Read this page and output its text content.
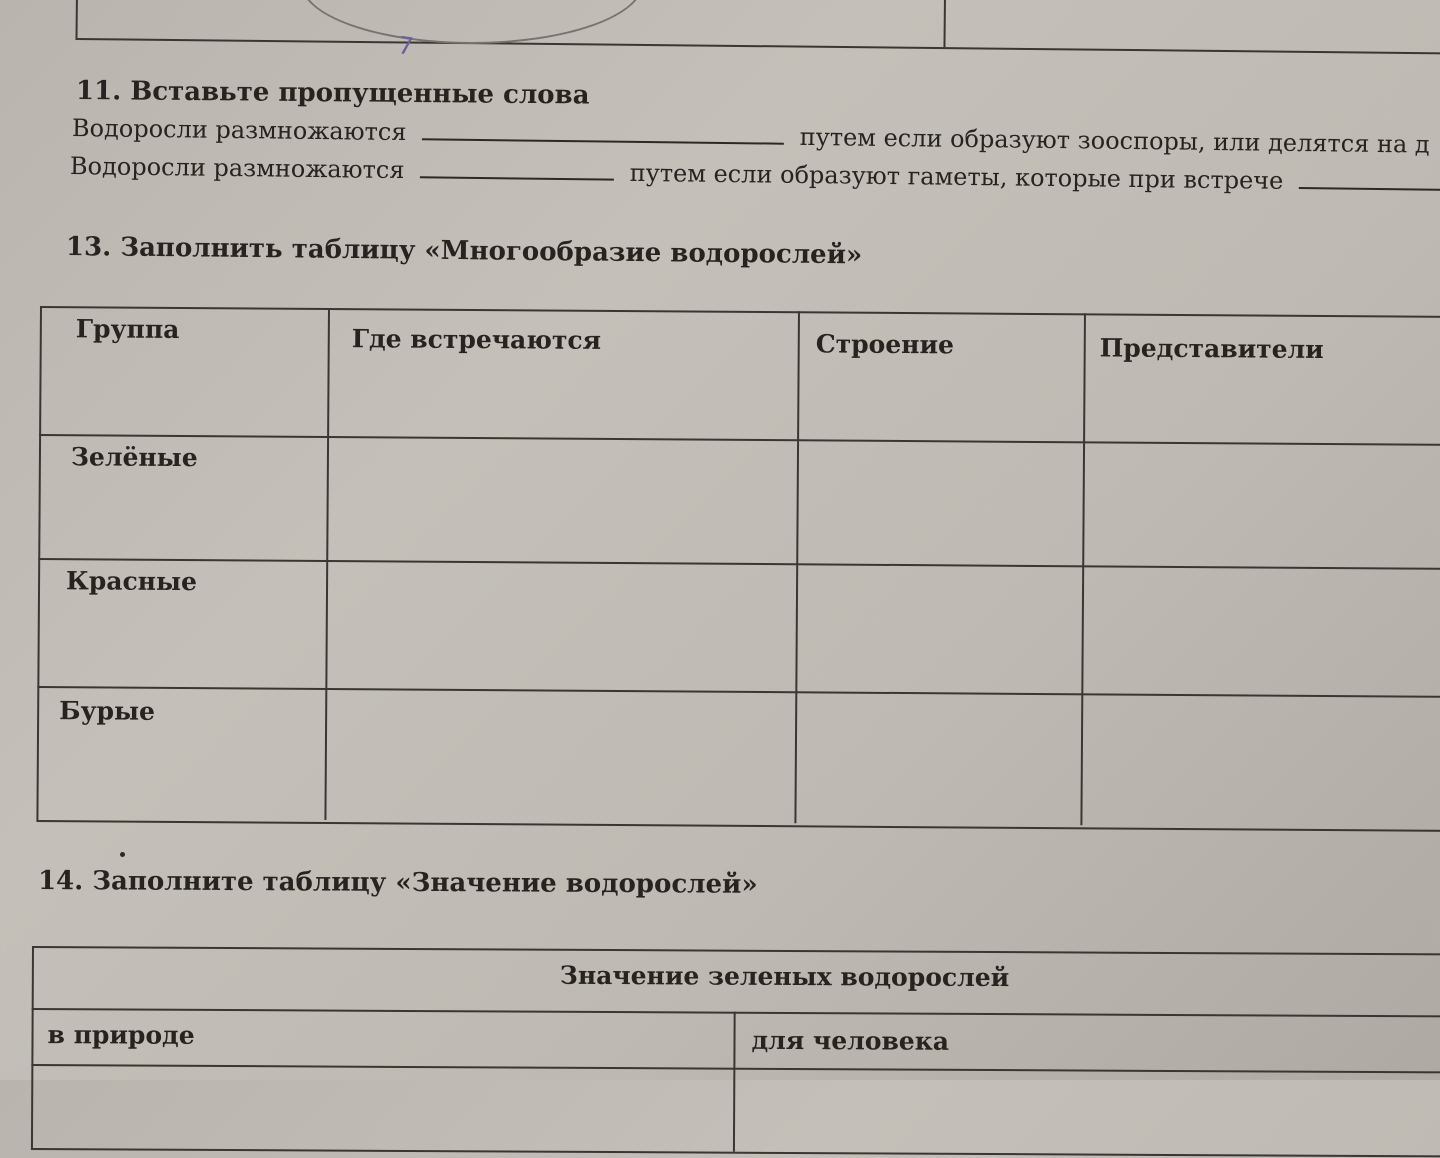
7
11. Вставьте пропущенные слова
Водоросли размножаются	путем если образуют зооспоры, или делятся на д
Водоросли размножаются	путем если образуют гаметы, которые при встрече
13. Заполнить таблицу «Многообразие водорослей»
Группа	Где встречаются	Строение	Представители
Зелёные
Красные
Бурые
14. Заполните таблицу «Значение водорослей»
Значение зеленых водорослей
в природе	для человека
